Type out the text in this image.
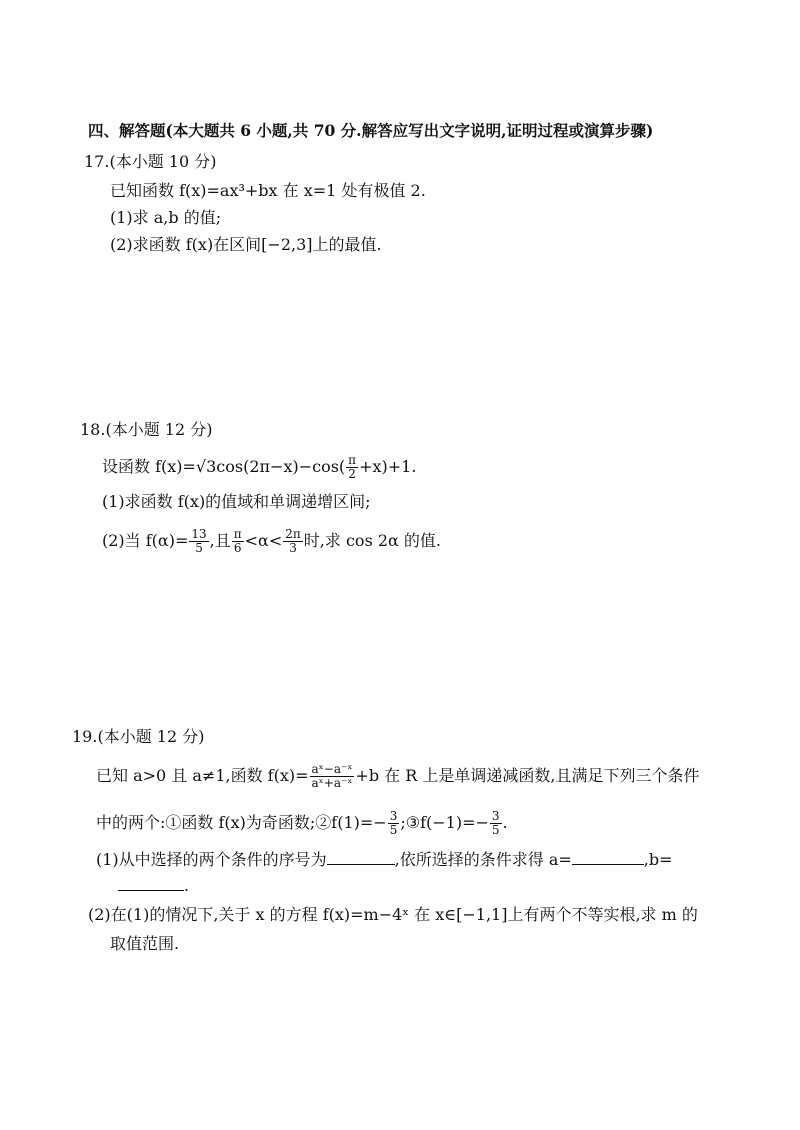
四、解答题(本大题共 6 小题,共 70 分.解答应写出文字说明,证明过程或演算步骤)
17.(本小题 10 分)
已知函数 f(x)=ax³+bx 在 x=1 处有极值 2.
(1)求 a,b 的值;
(2)求函数 f(x)在区间[−2,3]上的最值.
18.(本小题 12 分)
设函数 $f(x)=√3\cos(2\pi-x)-\cos( \frac{\pi}{2} +x)+1$.
(1)求函数 f(x)的值域和单调递增区间;
(2)当 $f(\alpha)= \frac{13}{5}$ ,且 $\frac{\pi}{6} <\alpha< \frac{2\pi}{3}$ 时,求 cos 2α 的值.
19.(本小题 12 分)
已知 a>0 且 a≠1,函数 $f(x)= \frac{\text{aˣ−a⁻ˣ}}{\text{aˣ+a⁻ˣ}} +b$ 在 R 上是单调递减函数,且满足下列三个条件
中的两个:①函数 f(x)为奇函数;②f(1)=− $\frac{3}{5}$ ;③f(−1)=− $\frac{3}{5}$ .
(1)从中选择的两个条件的序号为	,依所选择的条件求得 a=	,b=
.
(2)在(1)的情况下,关于 x 的方程 f(x)=m−4ˣ 在 x∈[−1,1]上有两个不等实根,求 m 的
取值范围.
